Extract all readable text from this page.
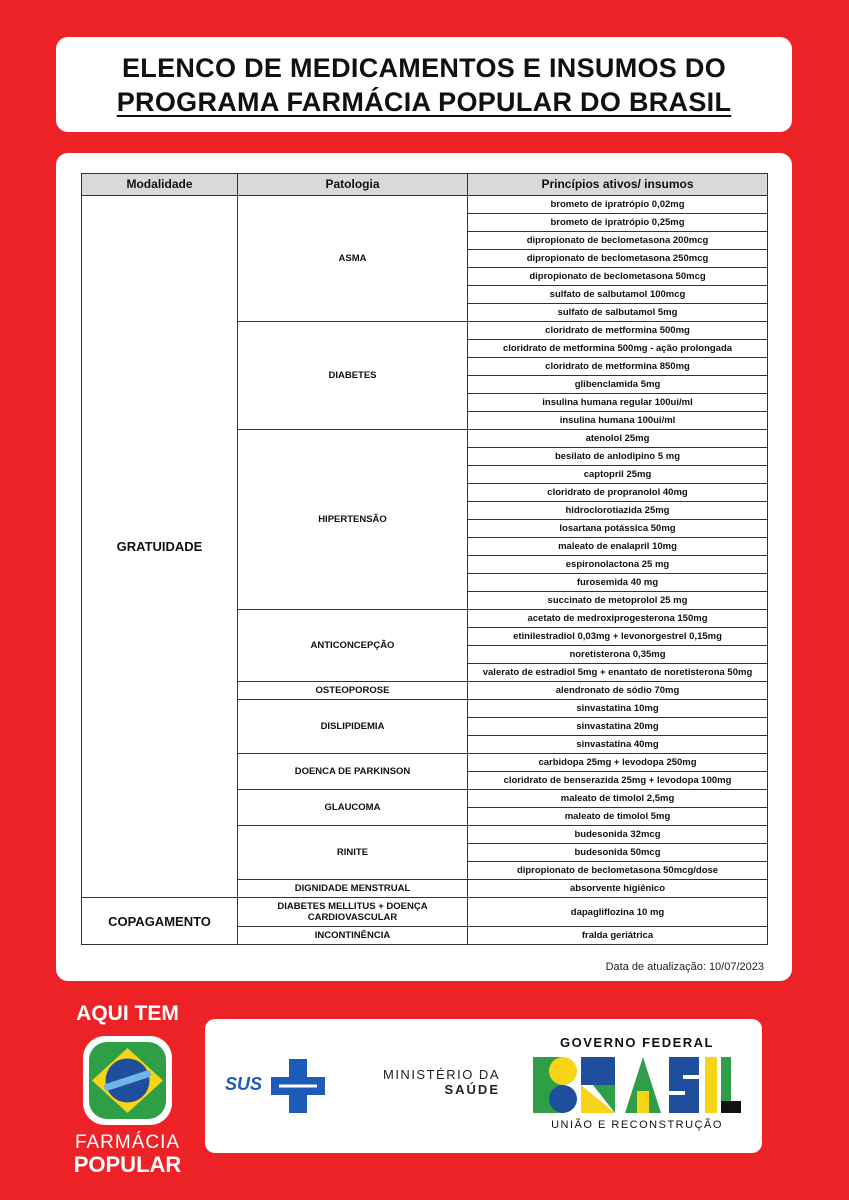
ELENCO DE MEDICAMENTOS E INSUMOS DO
PROGRAMA FARMÁCIA POPULAR DO BRASIL
Modalidade	Patologia	Princípios ativos/ insumos
GRATUIDADE	ASMA	brometo de ipratrópio 0,02mg
		brometo de ipratrópio 0,25mg
		dipropionato de beclometasona 200mcg
		dipropionato de beclometasona 250mcg
		dipropionato de beclometasona 50mcg
		sulfato de salbutamol 100mcg
		sulfato de salbutamol 5mg
	DIABETES	cloridrato de metformina 500mg
		cloridrato de metformina 500mg - ação prolongada
		cloridrato de metformina 850mg
		glibenclamida 5mg
		insulina humana regular 100ui/ml
		insulina humana 100ui/ml
	HIPERTENSÃO	atenolol 25mg
		besilato de anlodipino 5 mg
		captopril 25mg
		cloridrato de propranolol 40mg
		hidroclorotiazida 25mg
		losartana potássica 50mg
		maleato de enalapril 10mg
		espironolactona 25 mg
		furosemida 40 mg
		succinato de metoprolol 25 mg
	ANTICONCEPÇÃO	acetato de medroxiprogesterona 150mg
		etinilestradiol 0,03mg + levonorgestrel 0,15mg
		noretisterona 0,35mg
		valerato de estradiol 5mg + enantato de noretisterona 50mg
	OSTEOPOROSE	alendronato de sódio 70mg
	DISLIPIDEMIA	sinvastatina 10mg
		sinvastatina 20mg
		sinvastatina 40mg
	DOENCA DE PARKINSON	carbidopa 25mg + levodopa 250mg
		cloridrato de benserazida 25mg + levodopa 100mg
	GLAUCOMA	maleato de timolol 2,5mg
		maleato de timolol 5mg
	RINITE	budesonida 32mcg
		budesonida 50mcg
		dipropionato de beclometasona 50mcg/dose
	DIGNIDADE MENSTRUAL	absorvente higiênico
COPAGAMENTO	DIABETES MELLITUS + DOENÇA CARDIOVASCULAR	dapagliflozina 10 mg
	INCONTINÊNCIA	fralda geriátrica
Data de atualização: 10/07/2023
AQUI TEM
FARMÁCIA
POPULAR
SUS	MINISTÉRIO DA
SAÚDE
GOVERNO FEDERAL
UNIÃO E RECONSTRUÇÃO
